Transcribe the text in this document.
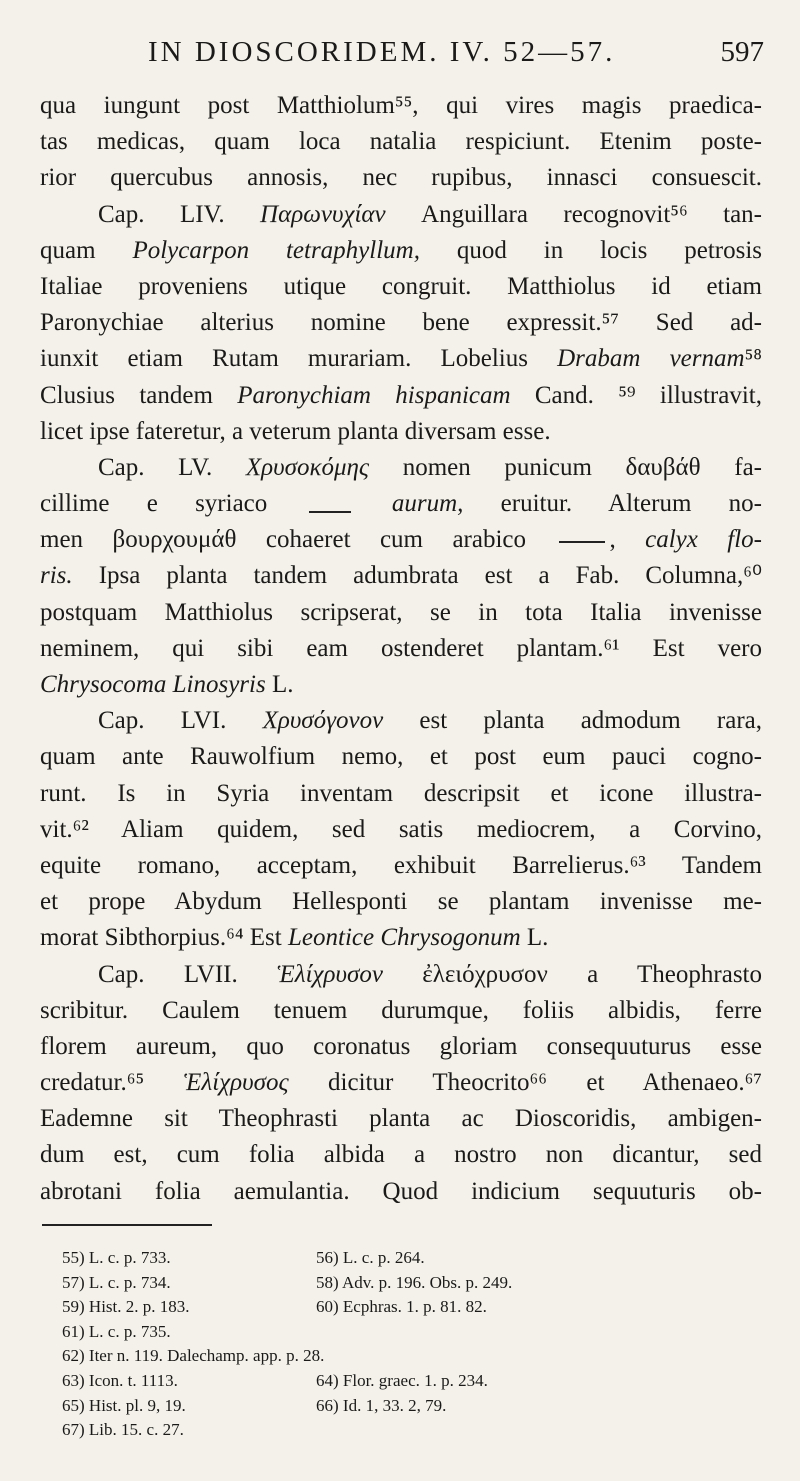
IN DIOSCORIDEM. IV. 52—57.	597
qua iungunt post Matthiolum⁵⁵, qui vires magis praedica-
tas medicas, quam loca natalia respiciunt. Etenim poste-
rior quercubus annosis, nec rupibus, innasci consuescit.
Cap. LIV. Παρωνυχίαν Anguillara recognovit⁵⁶ tan-
quam Polycarpon tetraphyllum, quod in locis petrosis
Italiae proveniens utique congruit. Matthiolus id etiam
Paronychiae alterius nomine bene expressit.⁵⁷ Sed ad-
iunxit etiam Rutam murariam. Lobelius Drabam vernam⁵⁸
Clusius tandem Paronychiam hispanicam Cand. ⁵⁹ illustravit,
licet ipse fateretur, a veterum planta diversam esse.
Cap. LV. Χρυσοκόμης nomen punicum δαυβάθ fa-
cillime e syriaco	aurum, eruitur. Alterum no-
men βουρχουμάθ cohaeret cum arabico , calyx flo-
ris. Ipsa planta tandem adumbrata est a Fab. Columna,⁶⁰
postquam Matthiolus scripserat, se in tota Italia invenisse
neminem, qui sibi eam ostenderet plantam.⁶¹ Est vero
Chrysocoma Linosyris L.
Cap. LVI. Χρυσόγονον est planta admodum rara,
quam ante Rauwolfium nemo, et post eum pauci cogno-
runt. Is in Syria inventam descripsit et icone illustra-
vit.⁶² Aliam quidem, sed satis mediocrem, a Corvino,
equite romano, acceptam, exhibuit Barrelierus.⁶³ Tandem
et prope Abydum Hellesponti se plantam invenisse me-
morat Sibthorpius.⁶⁴ Est Leontice Chrysogonum L.
Cap. LVII. Ἑλίχρυσον ἐλειόχρυσον a Theophrasto
scribitur. Caulem tenuem durumque, foliis albidis, ferre
florem aureum, quo coronatus gloriam consequuturus esse
credatur.⁶⁵ Ἑλίχρυσος dicitur Theocrito⁶⁶ et Athenaeo.⁶⁷
Eademne sit Theophrasti planta ac Dioscoridis, ambigen-
dum est, cum folia albida a nostro non dicantur, sed
abrotani folia aemulantia. Quod indicium sequuturis ob-
55) L. c. p. 733.	56) L. c. p. 264.
57) L. c. p. 734.	58) Adv. p. 196. Obs. p. 249.
59) Hist. 2. p. 183.	60) Ecphras. 1. p. 81. 82.
61) L. c. p. 735.
62) Iter n. 119. Dalechamp. app. p. 28.
63) Icon. t. 1113.	64) Flor. graec. 1. p. 234.
65) Hist. pl. 9, 19.	66) Id. 1, 33. 2, 79.
67) Lib. 15. c. 27.
